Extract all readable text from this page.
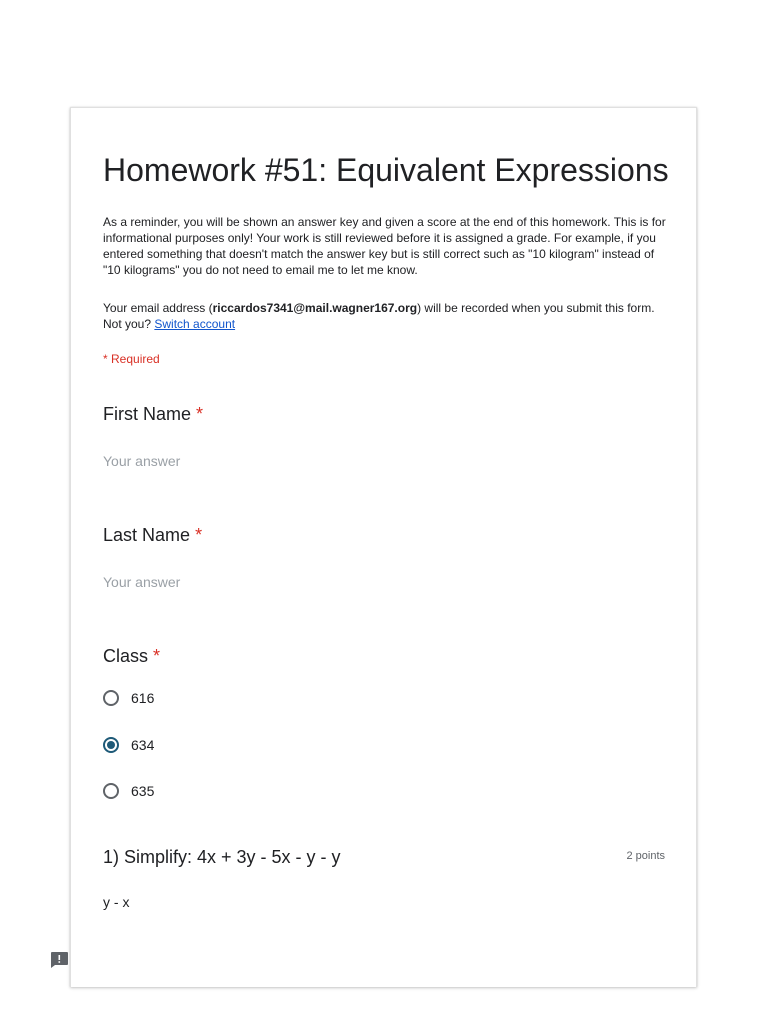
Homework #51: Equivalent Expressions
As a reminder, you will be shown an answer key and given a score at the end of this homework. This is for informational purposes only! Your work is still reviewed before it is assigned a grade. For example, if you entered something that doesn't match the answer key but is still correct such as "10 kilogram" instead of "10 kilograms" you do not need to email me to let me know.
Your email address (riccardos7341@mail.wagner167.org) will be recorded when you submit this form. Not you? Switch account
* Required
First Name *
Your answer
Last Name *
Your answer
Class *
616
634
635
1) Simplify: 4x + 3y - 5x - y - y	2 points
y - x
